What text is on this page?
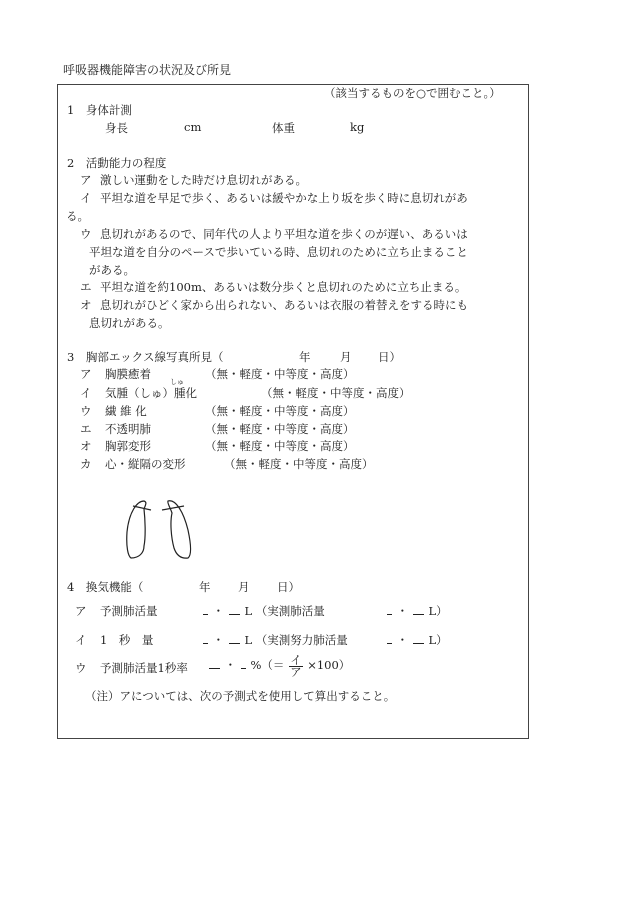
呼吸器機能障害の状況及び所見
（該当するものを○で囲むこと。）
1　身体計測
身長	cm	体重	kg
2　活動能力の程度
ア 激しい運動をした時だけ息切れがある。
イ 平坦な道を早足で歩く、あるいは緩やかな上り坂を歩く時に息切れがあ
る。
ウ 息切れがあるので、同年代の人より平坦な道を歩くのが遅い、あるいは
平坦な道を自分のペースで歩いている時、息切れのために立ち止まること
がある。
エ 平坦な道を約100m、あるいは数分歩くと息切れのために立ち止まる。
オ 息切れがひどく家から出られない、あるいは衣服の着替えをする時にも
息切れがある。
3　胸部エックス線写真所見（	年	月 日）
ア 胸膜癒着	（無・軽度・中等度・高度）
しゅ
イ 気腫（しゅ）腫化	（無・軽度・中等度・高度）
ウ 繊 維 化	（無・軽度・中等度・高度）
エ 不透明肺	（無・軽度・中等度・高度）
オ 胸郭変形	（無・軽度・中等度・高度）
カ 心・縦隔の変形	（無・軽度・中等度・高度）
4　換気機能（	年 月 日）
ア 予測肺活量	・ L （実測肺活量	・ L）
イ 1　秒　量	・ L （実測努力肺活量	・ L）
ウ 予測肺活量1秒率	・ %（＝ $\frac{\text{イ}}{\text{ア}} \times 100$）
（注）アについては、次の予測式を使用して算出すること。
